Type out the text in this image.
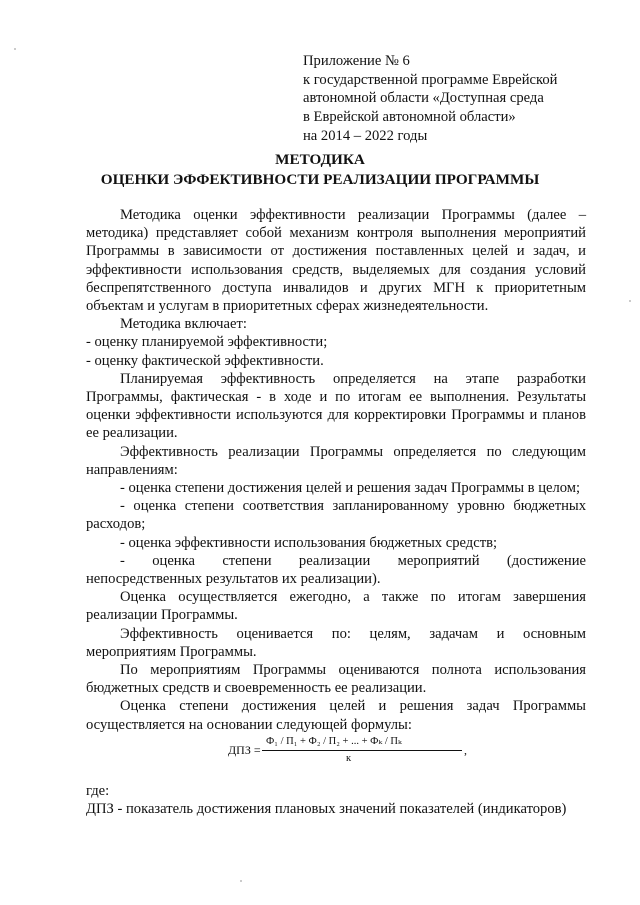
Приложение № 6
к государственной программе Еврейской
автономной области «Доступная среда
в Еврейской автономной области»
на 2014 – 2022 годы
МЕТОДИКА
ОЦЕНКИ ЭФФЕКТИВНОСТИ РЕАЛИЗАЦИИ ПРОГРАММЫ

Методика оценки эффективности реализации Программы (далее – методика) представляет собой механизм контроля выполнения мероприятий Программы в зависимости от достижения поставленных целей и задач, и эффективности использования средств, выделяемых для создания условий беспрепятственного доступа инвалидов и других МГН к приоритетным объектам и услугам в приоритетных сферах жизнедеятельности.

Методика включает:

- оценку планируемой эффективности;

- оценку фактической эффективности.

Планируемая эффективность определяется на этапе разработки Программы, фактическая - в ходе и по итогам ее выполнения. Результаты оценки эффективности используются для корректировки Программы и планов ее реализации.

Эффективность реализации Программы определяется по следующим направлениям:

- оценка степени достижения целей и решения задач Программы в целом;

- оценка степени соответствия запланированному уровню бюджетных расходов;

- оценка эффективности использования бюджетных средств;

- оценка степени реализации мероприятий (достижение непосредственных результатов их реализации).

Оценка осуществляется ежегодно, а также по итогам завершения реализации Программы.

Эффективность оценивается по: целям, задачам и основным мероприятиям Программы.

По мероприятиям Программы оцениваются полнота использования бюджетных средств и своевременность ее реализации.

Оценка степени достижения целей и решения задач Программы осуществляется на основании следующей формулы:

ДПЗ =
Ф₁ / П₁ + Ф₂ / П₂ + ... + Фₖ / Пₖ
к
,
где:
ДПЗ - показатель достижения плановых значений показателей (индикаторов)
